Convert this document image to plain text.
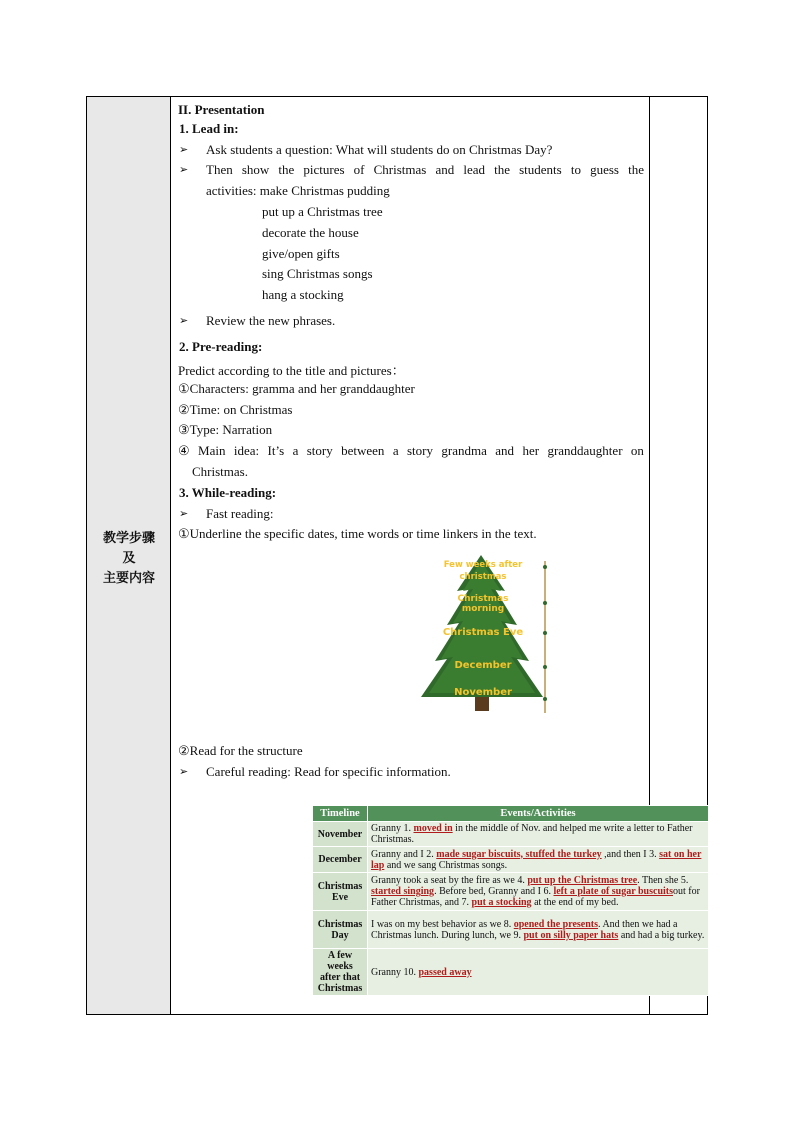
教学步骤
及
主要内容
II. Presentation
1. Lead in:
➢ Ask students a question: What will students do on Christmas Day?
➢ Then show the pictures of Christmas and lead the students to guess the
activities: make Christmas pudding
put up a Christmas tree
decorate the house
give/open gifts
sing Christmas songs
hang a stocking
➢ Review the new phrases.
2. Pre-reading:
Predict according to the title and pictures：
①Characters: gramma and her granddaughter
②Time: on Christmas
③Type: Narration
④ Main idea: It’s a story between a story grandma and her granddaughter on
Christmas.
3. While-reading:
➢ Fast reading:
①Underline the specific dates, time words or time linkers in the text.
Few weeks after
christmas
Christmas
morning
Christmas Eve
December
November
②Read for the structure
➢ Careful reading: Read for specific information.
Timeline	Events/Activities
November	Granny 1. moved in in the middle of Nov. and helped me write a letter to Father Christmas.
December	Granny and I 2. made sugar biscuits, stuffed the turkey ,and then I 3. sat on her lap and we sang Christmas songs.
Christmas Eve	Granny took a seat by the fire as we 4. put up the Christmas tree. Then she 5. started singing. Before bed, Granny and I 6. left a plate of sugar buscuitsout for Father Christmas, and 7. put a stocking at the end of my bed.
Christmas Day	I was on my best behavior as we 8. opened the presents. And then we had a Christmas lunch. During lunch, we 9. put on silly paper hats and had a big turkey.
A few weeks after that Christmas	Granny 10. passed away
